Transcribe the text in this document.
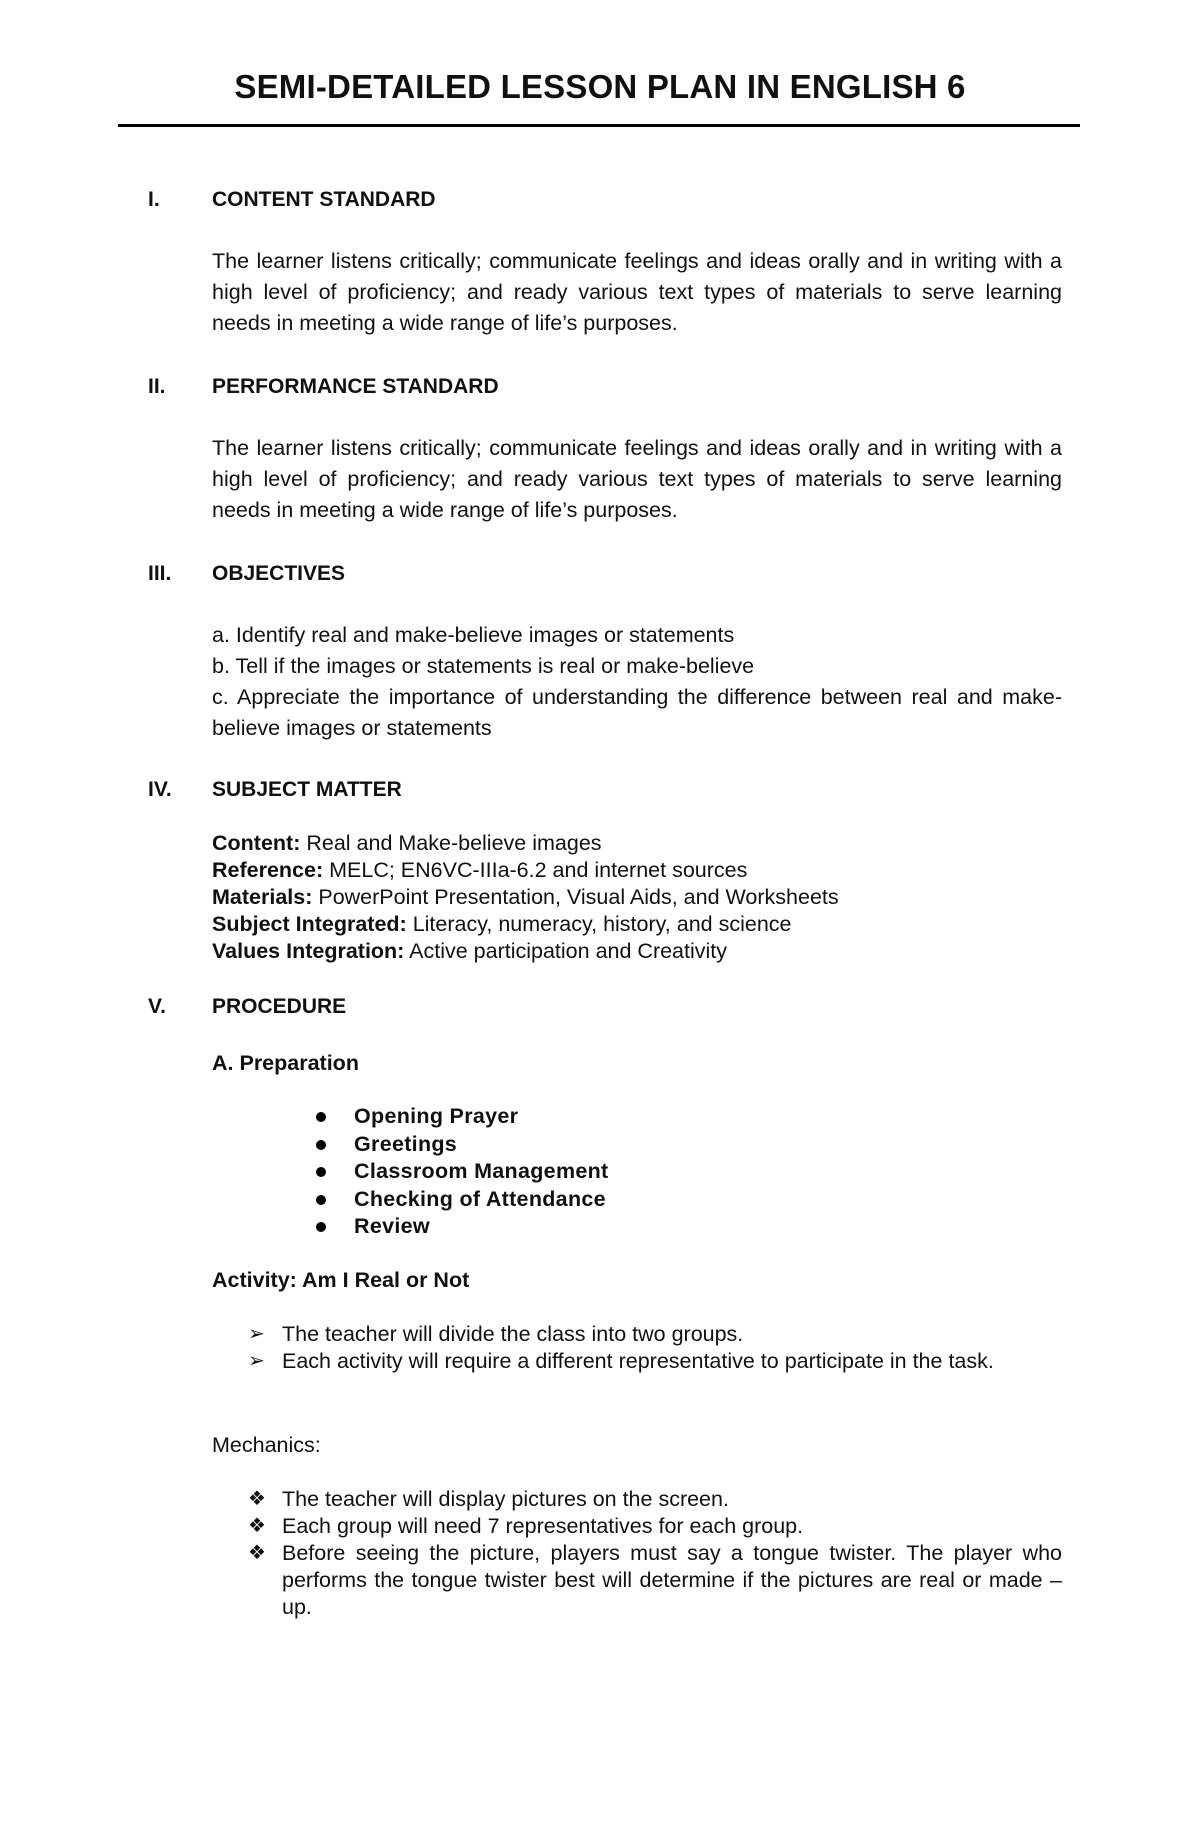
SEMI-DETAILED LESSON PLAN IN ENGLISH 6
I.	CONTENT STANDARD

The learner listens critically; communicate feelings and ideas orally and in writing with a high level of proficiency; and ready various text types of materials to serve learning needs in meeting a wide range of life’s purposes.

II.	PERFORMANCE STANDARD

The learner listens critically; communicate feelings and ideas orally and in writing with a high level of proficiency; and ready various text types of materials to serve learning needs in meeting a wide range of life’s purposes.

III.	OBJECTIVES

a. Identify real and make-believe images or statements

b. Tell if the images or statements is real or make-believe

c. Appreciate the importance of understanding the difference between real and make-believe images or statements

IV.	SUBJECT MATTER

Content: Real and Make-believe images

Reference: MELC; EN6VC-IIIa-6.2 and internet sources

Materials: PowerPoint Presentation, Visual Aids, and Worksheets

Subject Integrated: Literacy, numeracy, history, and science

Values Integration: Active participation and Creativity

V.	PROCEDURE

A. Preparation

Opening Prayer
Greetings
Classroom Management
Checking of Attendance
Review

Activity: Am I Real or Not

➢ The teacher will divide the class into two groups.
➢ Each activity will require a different representative to participate in the task.

Mechanics:

❖ The teacher will display pictures on the screen.
❖ Each group will need 7 representatives for each group.
❖ Before seeing the picture, players must say a tongue twister. The player who performs the tongue twister best will determine if the pictures are real or made – up.
